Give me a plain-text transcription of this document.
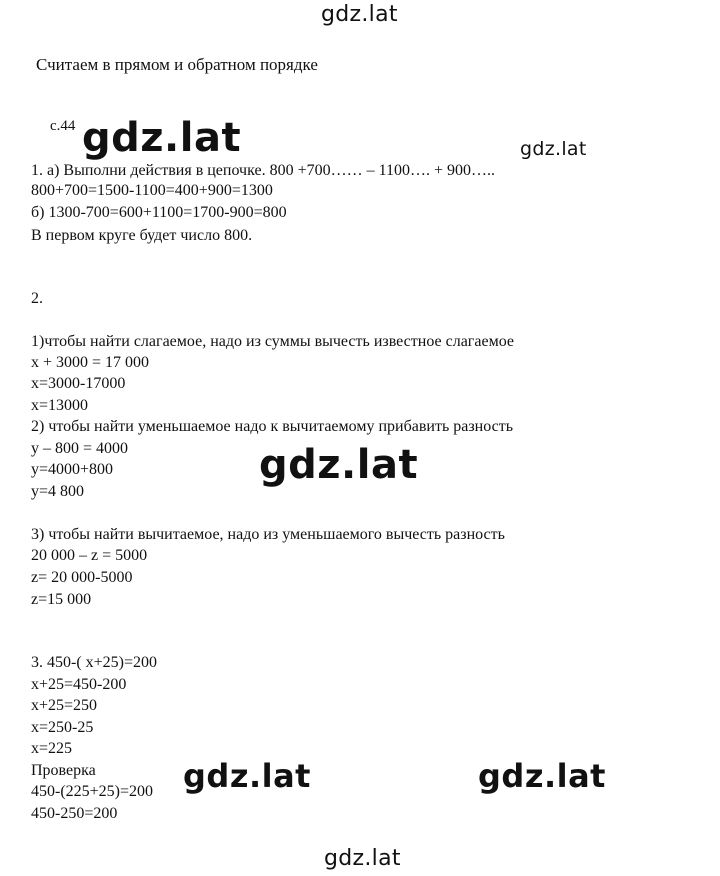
gdz.lat
gdz.lat	gdz.lat
gdz.lat
gdz.lat	gdz.lat
gdz.lat
Считаем в прямом и обратном порядке
с.44
1. а) Выполни действия в цепочке. 800 +700…… – 1100…. + 900…..
800+700=1500-1100=400+900=1300
б) 1300-700=600+1100=1700-900=800
В первом круге будет число 800.
2.
1)чтобы найти слагаемое, надо из суммы вычесть известное слагаемое
x + 3000 = 17 000
x=3000-17000
x=13000
2) чтобы найти уменьшаемое надо к вычитаемому прибавить разность
y – 800 = 4000
y=4000+800
y=4 800
3) чтобы найти вычитаемое, надо из уменьшаемого вычесть разность
20 000 – z = 5000
z= 20 000-5000
z=15 000
3. 450-( x+25)=200
x+25=450-200
x+25=250
x=250-25
x=225
Проверка
450-(225+25)=200
450-250=200
